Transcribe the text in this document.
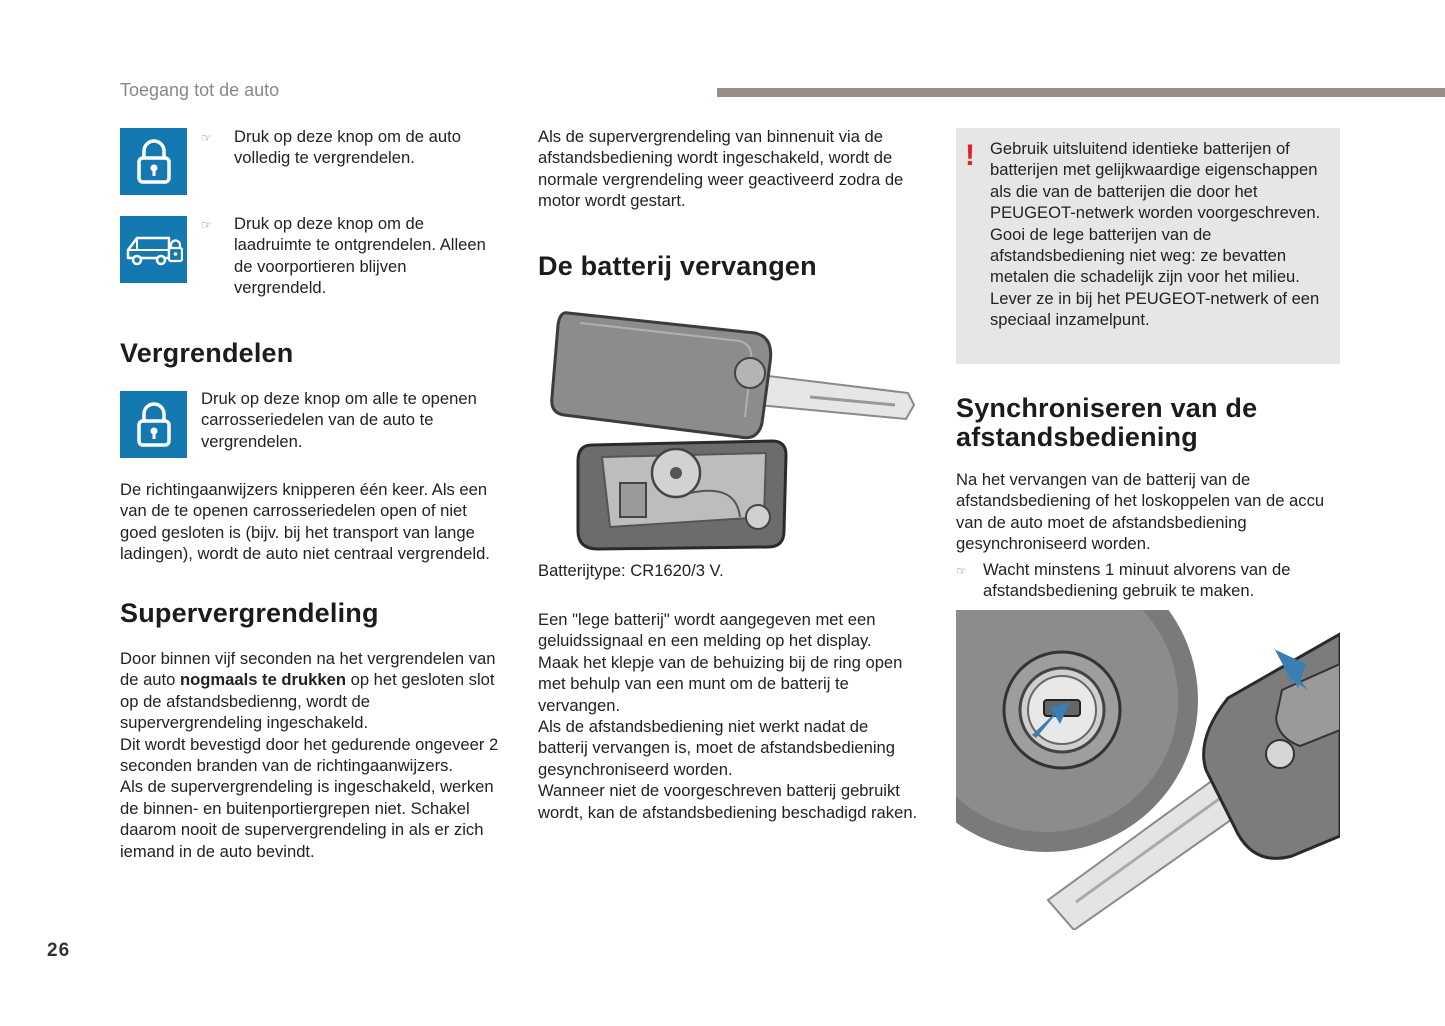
Toegang tot de auto
☞	Druk op deze knop om de auto volledig te vergrendelen.
☞	Druk op deze knop om de laadruimte te ontgrendelen. Alleen de voorportieren blijven vergrendeld.
Vergrendelen
Druk op deze knop om alle te openen carrosseriedelen van de auto te vergrendelen.
De richtingaanwijzers knipperen één keer. Als een van de te openen carrosseriedelen open of niet goed gesloten is (bijv. bij het transport van lange ladingen), wordt de auto niet centraal vergrendeld.
Supervergrendeling
Door binnen vijf seconden na het vergrendelen van de auto nogmaals te drukken op het gesloten slot op de afstandsbedienng, wordt de supervergrendeling ingeschakeld.
Dit wordt bevestigd door het gedurende ongeveer 2 seconden branden van de richtingaanwijzers.
Als de supervergrendeling is ingeschakeld, werken de binnen- en buitenportiergrepen niet. Schakel daarom nooit de supervergrendeling in als er zich iemand in de auto bevindt.
Als de supervergrendeling van binnenuit via de afstandsbediening wordt ingeschakeld, wordt de normale vergrendeling weer geactiveerd zodra de motor wordt gestart.
De batterij vervangen
Batterijtype: CR1620/3 V.
Een "lege batterij" wordt aangegeven met een geluidssignaal en een melding op het display.
Maak het klepje van de behuizing bij de ring open met behulp van een munt om de batterij te vervangen.
Als de afstandsbediening niet werkt nadat de batterij vervangen is, moet de afstandsbediening gesynchroniseerd worden.
Wanneer niet de voorgeschreven batterij gebruikt wordt, kan de afstandsbediening beschadigd raken.
! Gebruik uitsluitend identieke batterijen of batterijen met gelijkwaardige eigenschappen als die van de batterijen die door het PEUGEOT-netwerk worden voorgeschreven.
Gooi de lege batterijen van de afstandsbediening niet weg: ze bevatten metalen die schadelijk zijn voor het milieu. Lever ze in bij het PEUGEOT-netwerk of een speciaal inzamelpunt.
Synchroniseren van de
afstandsbediening
Na het vervangen van de batterij van de afstandsbediening of het loskoppelen van de accu van de auto moet de afstandsbediening gesynchroniseerd worden.
☞ Wacht minstens 1 minuut alvorens van de afstandsbediening gebruik te maken.
26
